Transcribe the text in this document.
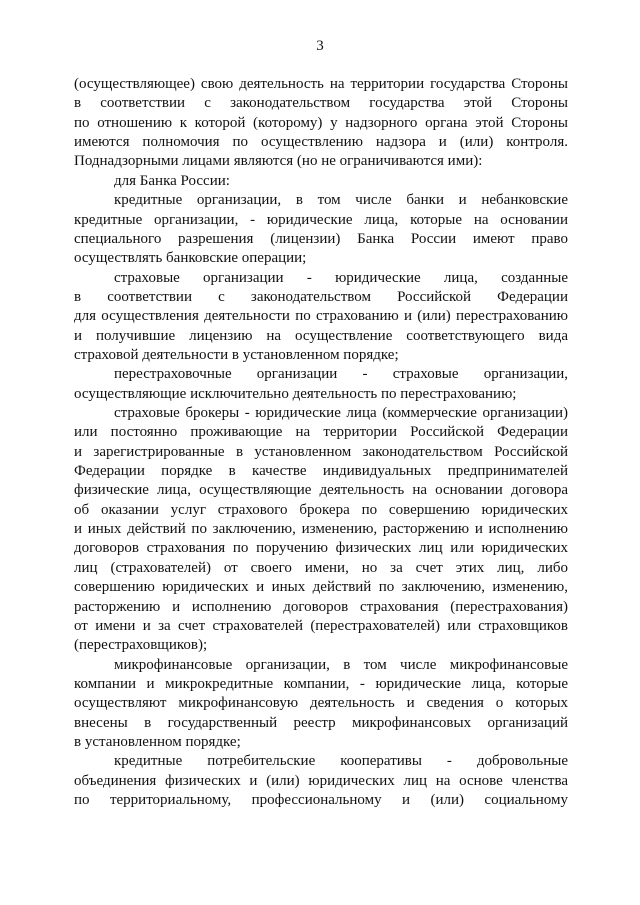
3
(осуществляющее) свою деятельность на территории государства Стороны
в соответствии с законодательством государства этой Стороны
по отношению к которой (которому) у надзорного органа этой Стороны
имеются полномочия по осуществлению надзора и (или) контроля.
Поднадзорными лицами являются (но не ограничиваются ими):
для Банка России:
кредитные организации, в том числе банки и небанковские
кредитные организации, - юридические лица, которые на основании
специального разрешения (лицензии) Банка России имеют право
осуществлять банковские операции;
страховые организации - юридические лица, созданные
в соответствии с законодательством Российской Федерации
для осуществления деятельности по страхованию и (или) перестрахованию
и получившие лицензию на осуществление соответствующего вида
страховой деятельности в установленном порядке;
перестраховочные организации - страховые организации,
осуществляющие исключительно деятельность по перестрахованию;
страховые брокеры - юридические лица (коммерческие организации)
или постоянно проживающие на территории Российской Федерации
и зарегистрированные в установленном законодательством Российской
Федерации порядке в качестве индивидуальных предпринимателей
физические лица, осуществляющие деятельность на основании договора
об оказании услуг страхового брокера по совершению юридических
и иных действий по заключению, изменению, расторжению и исполнению
договоров страхования по поручению физических лиц или юридических
лиц (страхователей) от своего имени, но за счет этих лиц, либо
совершению юридических и иных действий по заключению, изменению,
расторжению и исполнению договоров страхования (перестрахования)
от имени и за счет страхователей (перестрахователей) или страховщиков
(перестраховщиков);
микрофинансовые организации, в том числе микрофинансовые
компании и микрокредитные компании, - юридические лица, которые
осуществляют микрофинансовую деятельность и сведения о которых
внесены в государственный реестр микрофинансовых организаций
в установленном порядке;
кредитные потребительские кооперативы - добровольные
объединения физических и (или) юридических лиц на основе членства
по территориальному, профессиональному и (или) социальному
